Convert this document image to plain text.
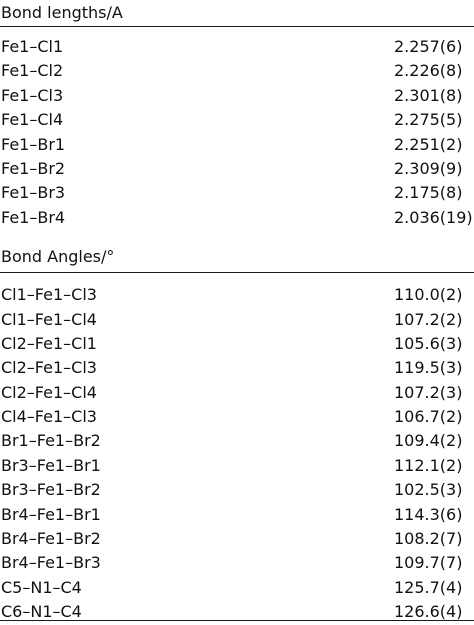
Bond lengths/A
Fe1–Cl1	2.257(6)
Fe1–Cl2	2.226(8)
Fe1–Cl3	2.301(8)
Fe1–Cl4	2.275(5)
Fe1–Br1	2.251(2)
Fe1–Br2	2.309(9)
Fe1–Br3	2.175(8)
Fe1–Br4	2.036(19)
Bond Angles/°
Cl1–Fe1–Cl3	110.0(2)
Cl1–Fe1–Cl4	107.2(2)
Cl2–Fe1–Cl1	105.6(3)
Cl2–Fe1–Cl3	119.5(3)
Cl2–Fe1–Cl4	107.2(3)
Cl4–Fe1–Cl3	106.7(2)
Br1–Fe1–Br2	109.4(2)
Br3–Fe1–Br1	112.1(2)
Br3–Fe1–Br2	102.5(3)
Br4–Fe1–Br1	114.3(6)
Br4–Fe1–Br2	108.2(7)
Br4–Fe1–Br3	109.7(7)
C5–N1–C4	125.7(4)
C6–N1–C4	126.6(4)
